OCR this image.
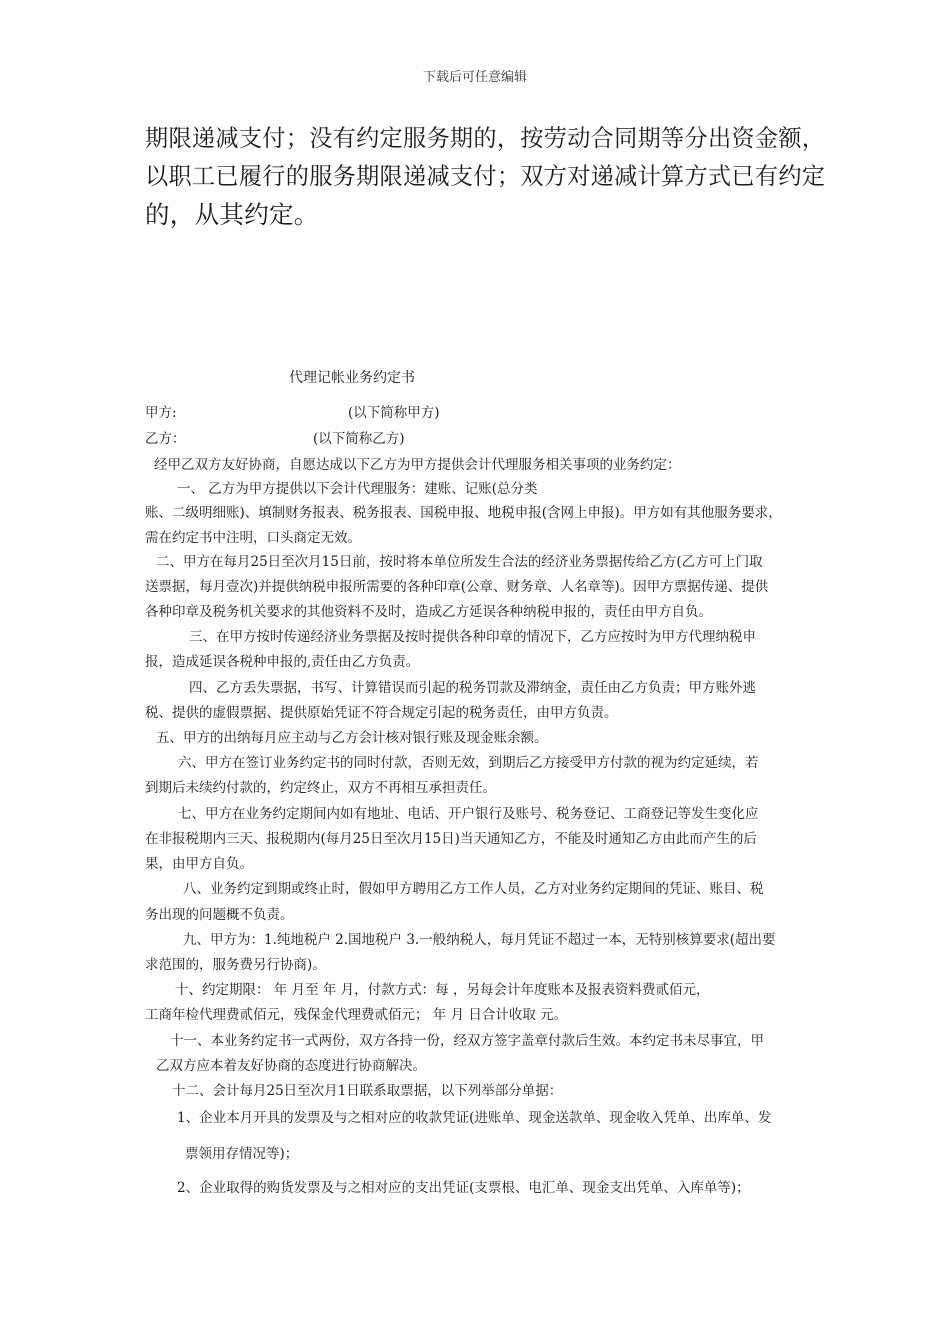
下载后可任意编辑
期限递减支付；没有约定服务期的，按劳动合同期等分出资金额，
以职工已履行的服务期限递减支付；双方对递减计算方式已有约定
的，从其约定。
代理记帐业务约定书
甲方:	(以下简称甲方)
乙方：	(以下简称乙方)
经甲乙双方友好协商，自愿达成以下乙方为甲方提供会计代理服务相关事项的业务约定：
一、 乙方为甲方提供以下会计代理服务：建账、记账(总分类
账、二级明细账)、填制财务报表、税务报表、国税申报、地税申报(含网上申报)。甲方如有其他服务要求，
需在约定书中注明，口头商定无效。
二、甲方在每月25日至次月15日前，按时将本单位所发生合法的经济业务票据传给乙方(乙方可上门取
送票据，每月壹次)并提供纳税申报所需要的各种印章(公章、财务章、人名章等)。因甲方票据传递、提供
各种印章及税务机关要求的其他资料不及时，造成乙方延误各种纳税申报的，责任由甲方自负。
三、在甲方按时传递经济业务票据及按时提供各种印章的情况下，乙方应按时为甲方代理纳税申
报，造成延误各税种申报的,责任由乙方负责。
四、乙方丢失票据，书写、计算错误而引起的税务罚款及滞纳金，责任由乙方负责；甲方账外逃
税、提供的虚假票据、提供原始凭证不符合规定引起的税务责任，由甲方负责。
五、甲方的出纳每月应主动与乙方会计核对银行账及现金账余额。
六、甲方在签订业务约定书的同时付款，否则无效，到期后乙方接受甲方付款的视为约定延续，若
到期后未续约付款的，约定终止，双方不再相互承担责任。
七、甲方在业务约定期间内如有地址、电话、开户银行及账号、税务登记、工商登记等发生变化应
在非报税期内三天、报税期内(每月25日至次月15日)当天通知乙方，不能及时通知乙方由此而产生的后
果，由甲方自负。
八、业务约定到期或终止时，假如甲方聘用乙方工作人员，乙方对业务约定期间的凭证、账目、税
务出现的问题概不负责。
九、甲方为：1.纯地税户 2.国地税户 3.一般纳税人，每月凭证不超过一本，无特别核算要求(超出要
求范围的，服务费另行协商)。
十、约定期限： 年 月至 年 月，付款方式：每 ，另每会计年度账本及报表资料费贰佰元，
工商年检代理费贰佰元，残保金代理费贰佰元； 年 月 日合计收取 元。
十一、本业务约定书一式两份，双方各持一份，经双方签字盖章付款后生效。本约定书未尽事宜，甲
乙双方应本着友好协商的态度进行协商解决。
十二、会计每月25日至次月1日联系取票据，以下列举部分单据：
1、企业本月开具的发票及与之相对应的收款凭证(进账单、现金送款单、现金收入凭单、出库单、发
票领用存情况等)；
2、企业取得的购货发票及与之相对应的支出凭证(支票根、电汇单、现金支出凭单、入库单等)；
